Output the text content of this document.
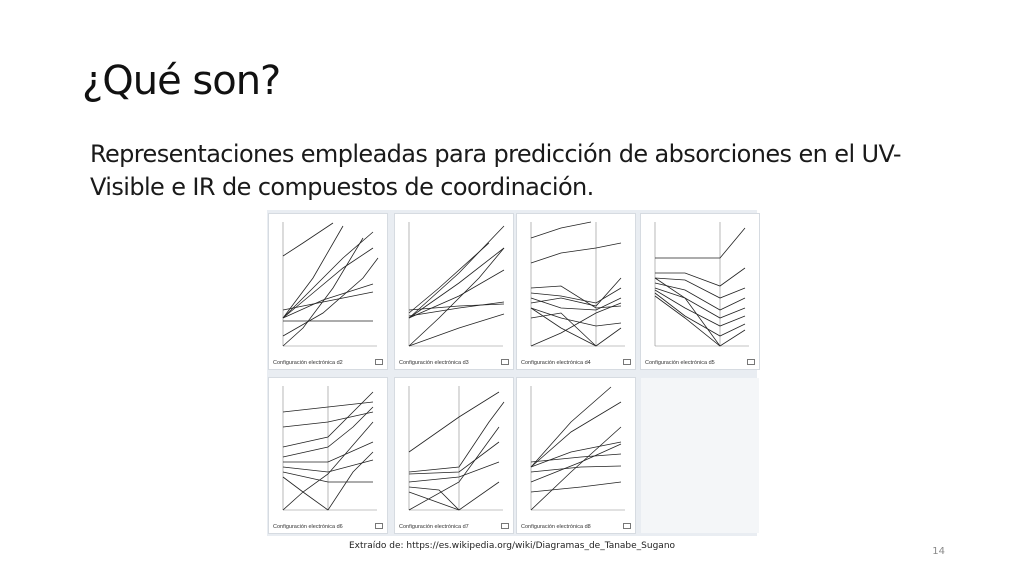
¿Qué son?

Representaciones empleadas para predicción de absorciones en el UV-Visible e IR de compuestos de coordinación.

Configuración electrónica d2	Configuración electrónica d3	Configuración electrónica d4	Configuración electrónica d5
Configuración electrónica d6	Configuración electrónica d7	Configuración electrónica d8
Extraído de: https://es.wikipedia.org/wiki/Diagramas_de_Tanabe_Sugano	14
